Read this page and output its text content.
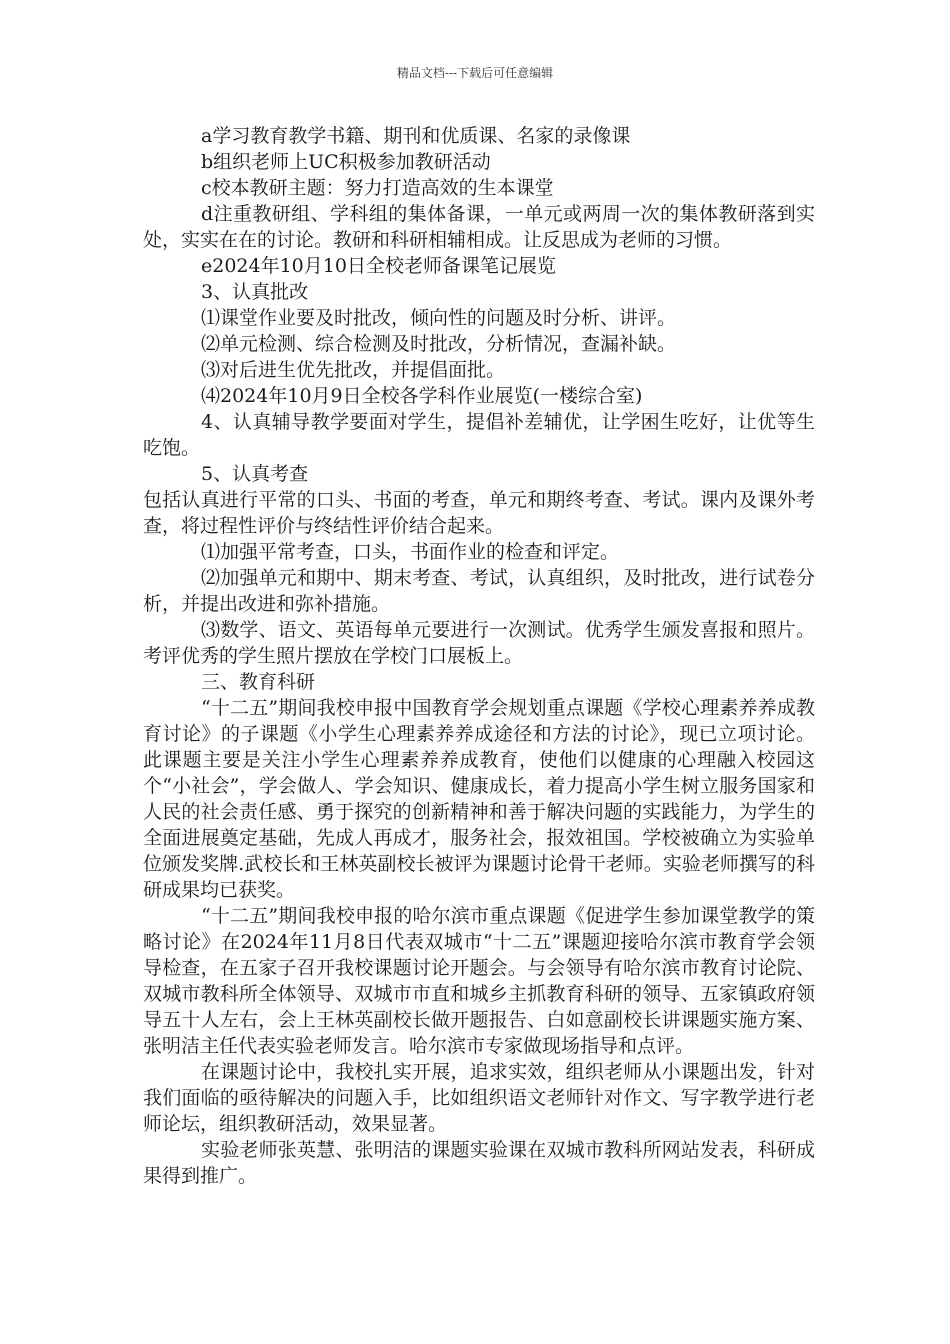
精品文档---下载后可任意编辑

a学习教育教学书籍、期刊和优质课、名家的录像课

b组织老师上UC积极参加教研活动

c校本教研主题：努力打造高效的生本课堂

d注重教研组、学科组的集体备课，一单元或两周一次的集体教研落到实处，实实在在的讨论。教研和科研相辅相成。让反思成为老师的习惯。

e2024年10月10日全校老师备课笔记展览

3、认真批改

⑴课堂作业要及时批改，倾向性的问题及时分析、讲评。

⑵单元检测、综合检测及时批改，分析情况，查漏补缺。

⑶对后进生优先批改，并提倡面批。

⑷2024年10月9日全校各学科作业展览(一楼综合室)

4、认真辅导教学要面对学生，提倡补差辅优，让学困生吃好，让优等生吃饱。

5、认真考查

包括认真进行平常的口头、书面的考查，单元和期终考查、考试。课内及课外考查，将过程性评价与终结性评价结合起来。

⑴加强平常考查，口头，书面作业的检查和评定。

⑵加强单元和期中、期末考查、考试，认真组织，及时批改，进行试卷分析，并提出改进和弥补措施。

⑶数学、语文、英语每单元要进行一次测试。优秀学生颁发喜报和照片。考评优秀的学生照片摆放在学校门口展板上。

三、教育科研

“十二五”期间我校申报中国教育学会规划重点课题《学校心理素养养成教育讨论》的子课题《小学生心理素养养成途径和方法的讨论》，现已立项讨论。此课题主要是关注小学生心理素养养成教育，使他们以健康的心理融入校园这个“小社会”，学会做人、学会知识、健康成长，着力提高小学生树立服务国家和人民的社会责任感、勇于探究的创新精神和善于解决问题的实践能力，为学生的全面进展奠定基础，先成人再成才，服务社会，报效祖国。学校被确立为实验单位颁发奖牌.武校长和王林英副校长被评为课题讨论骨干老师。实验老师撰写的科研成果均已获奖。

“十二五”期间我校申报的哈尔滨市重点课题《促进学生参加课堂教学的策略讨论》在2024年11月8日代表双城市“十二五”课题迎接哈尔滨市教育学会领导检查，在五家子召开我校课题讨论开题会。与会领导有哈尔滨市教育讨论院、双城市教科所全体领导、双城市市直和城乡主抓教育科研的领导、五家镇政府领导五十人左右，会上王林英副校长做开题报告、白如意副校长讲课题实施方案、张明洁主任代表实验老师发言。哈尔滨市专家做现场指导和点评。

在课题讨论中，我校扎实开展，追求实效，组织老师从小课题出发，针对我们面临的亟待解决的问题入手，比如组织语文老师针对作文、写字教学进行老师论坛，组织教研活动，效果显著。

实验老师张英慧、张明洁的课题实验课在双城市教科所网站发表，科研成果得到推广。
